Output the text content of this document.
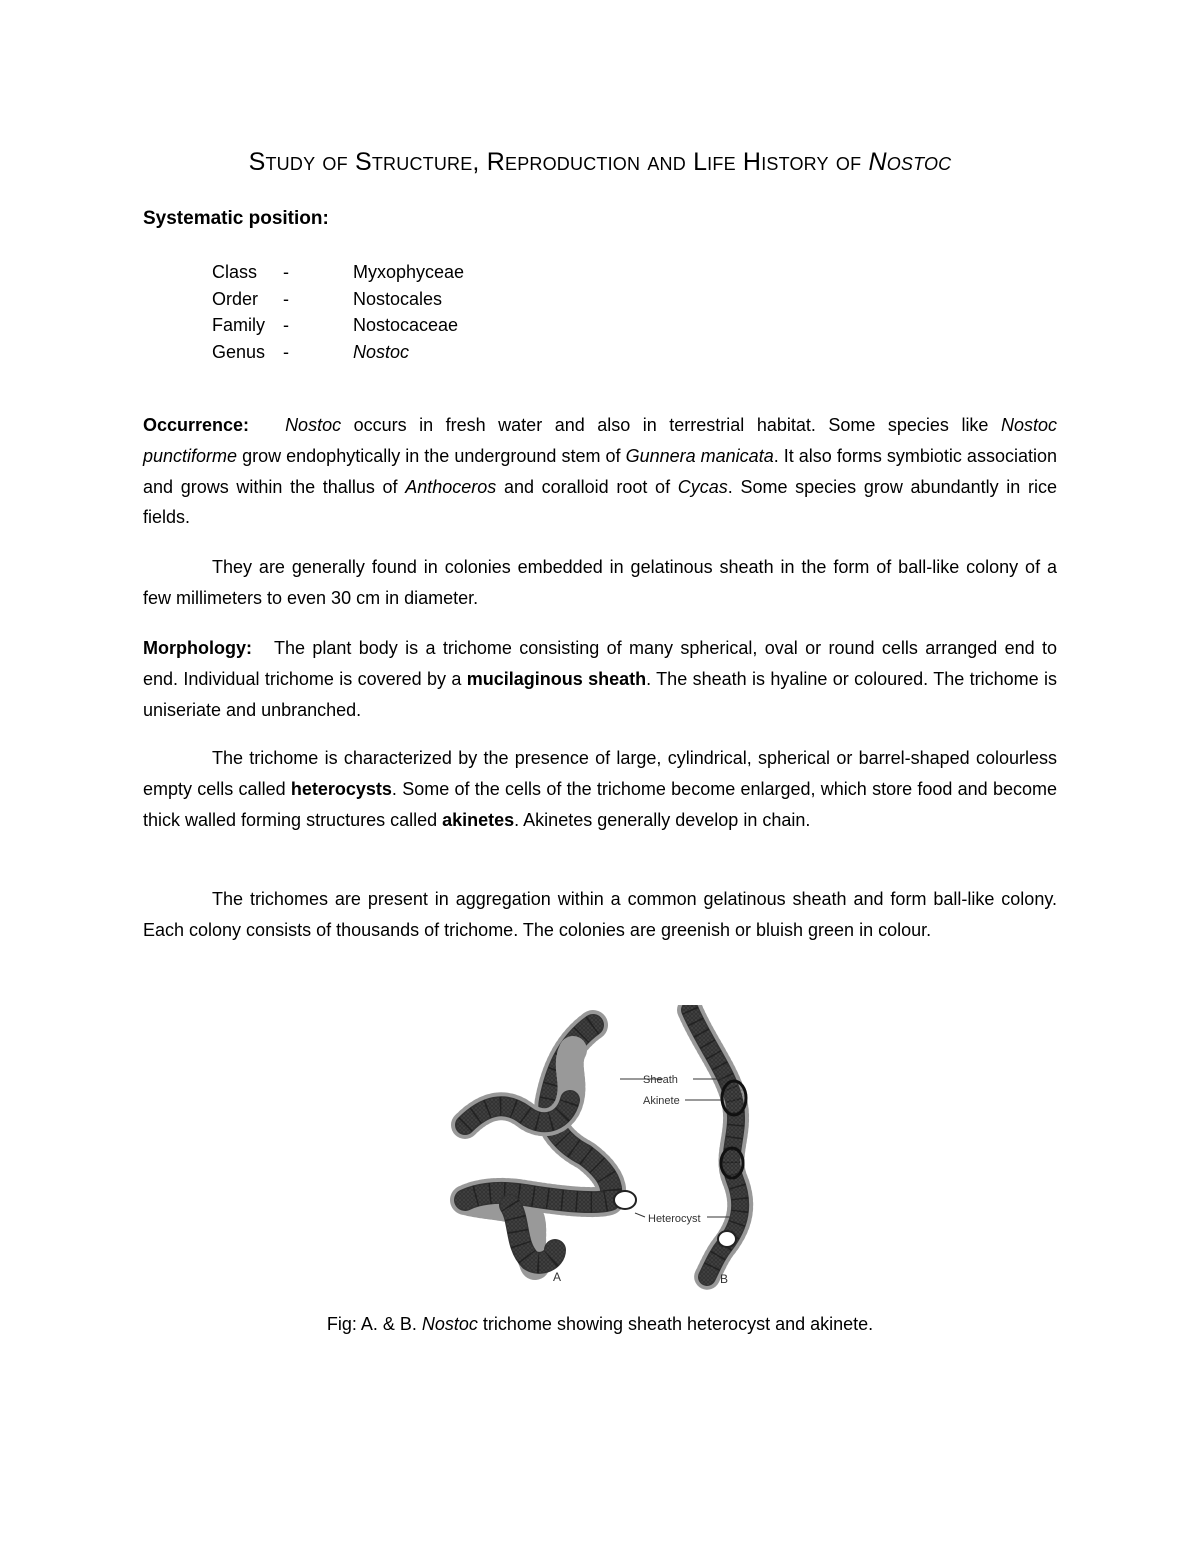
Study of Structure, Reproduction and Life History of Nostoc
Systematic position:
Class -	Myxophyceae
Order -	Nostocales
Family -	Nostocaceae
Genus -	Nostoc

Occurrence: Nostoc occurs in fresh water and also in terrestrial habitat. Some species like Nostoc punctiforme grow endophytically in the underground stem of Gunnera manicata. It also forms symbiotic association and grows within the thallus of Anthoceros and coralloid root of Cycas. Some species grow abundantly in rice fields.

They are generally found in colonies embedded in gelatinous sheath in the form of ball-like colony of a few millimeters to even 30 cm in diameter.

Morphology: The plant body is a trichome consisting of many spherical, oval or round cells arranged end to end. Individual trichome is covered by a mucilaginous sheath. The sheath is hyaline or coloured. The trichome is uniseriate and unbranched.

The trichome is characterized by the presence of large, cylindrical, spherical or barrel-shaped colourless empty cells called heterocysts. Some of the cells of the trichome become enlarged, which store food and become thick walled forming structures called akinetes. Akinetes generally develop in chain.

The trichomes are present in aggregation within a common gelatinous sheath and form ball-like colony. Each colony consists of thousands of trichome. The colonies are greenish or bluish green in colour.

Sheath
Akinete
Heterocyst
A	B
Fig: A. & B. Nostoc trichome showing sheath heterocyst and akinete.
